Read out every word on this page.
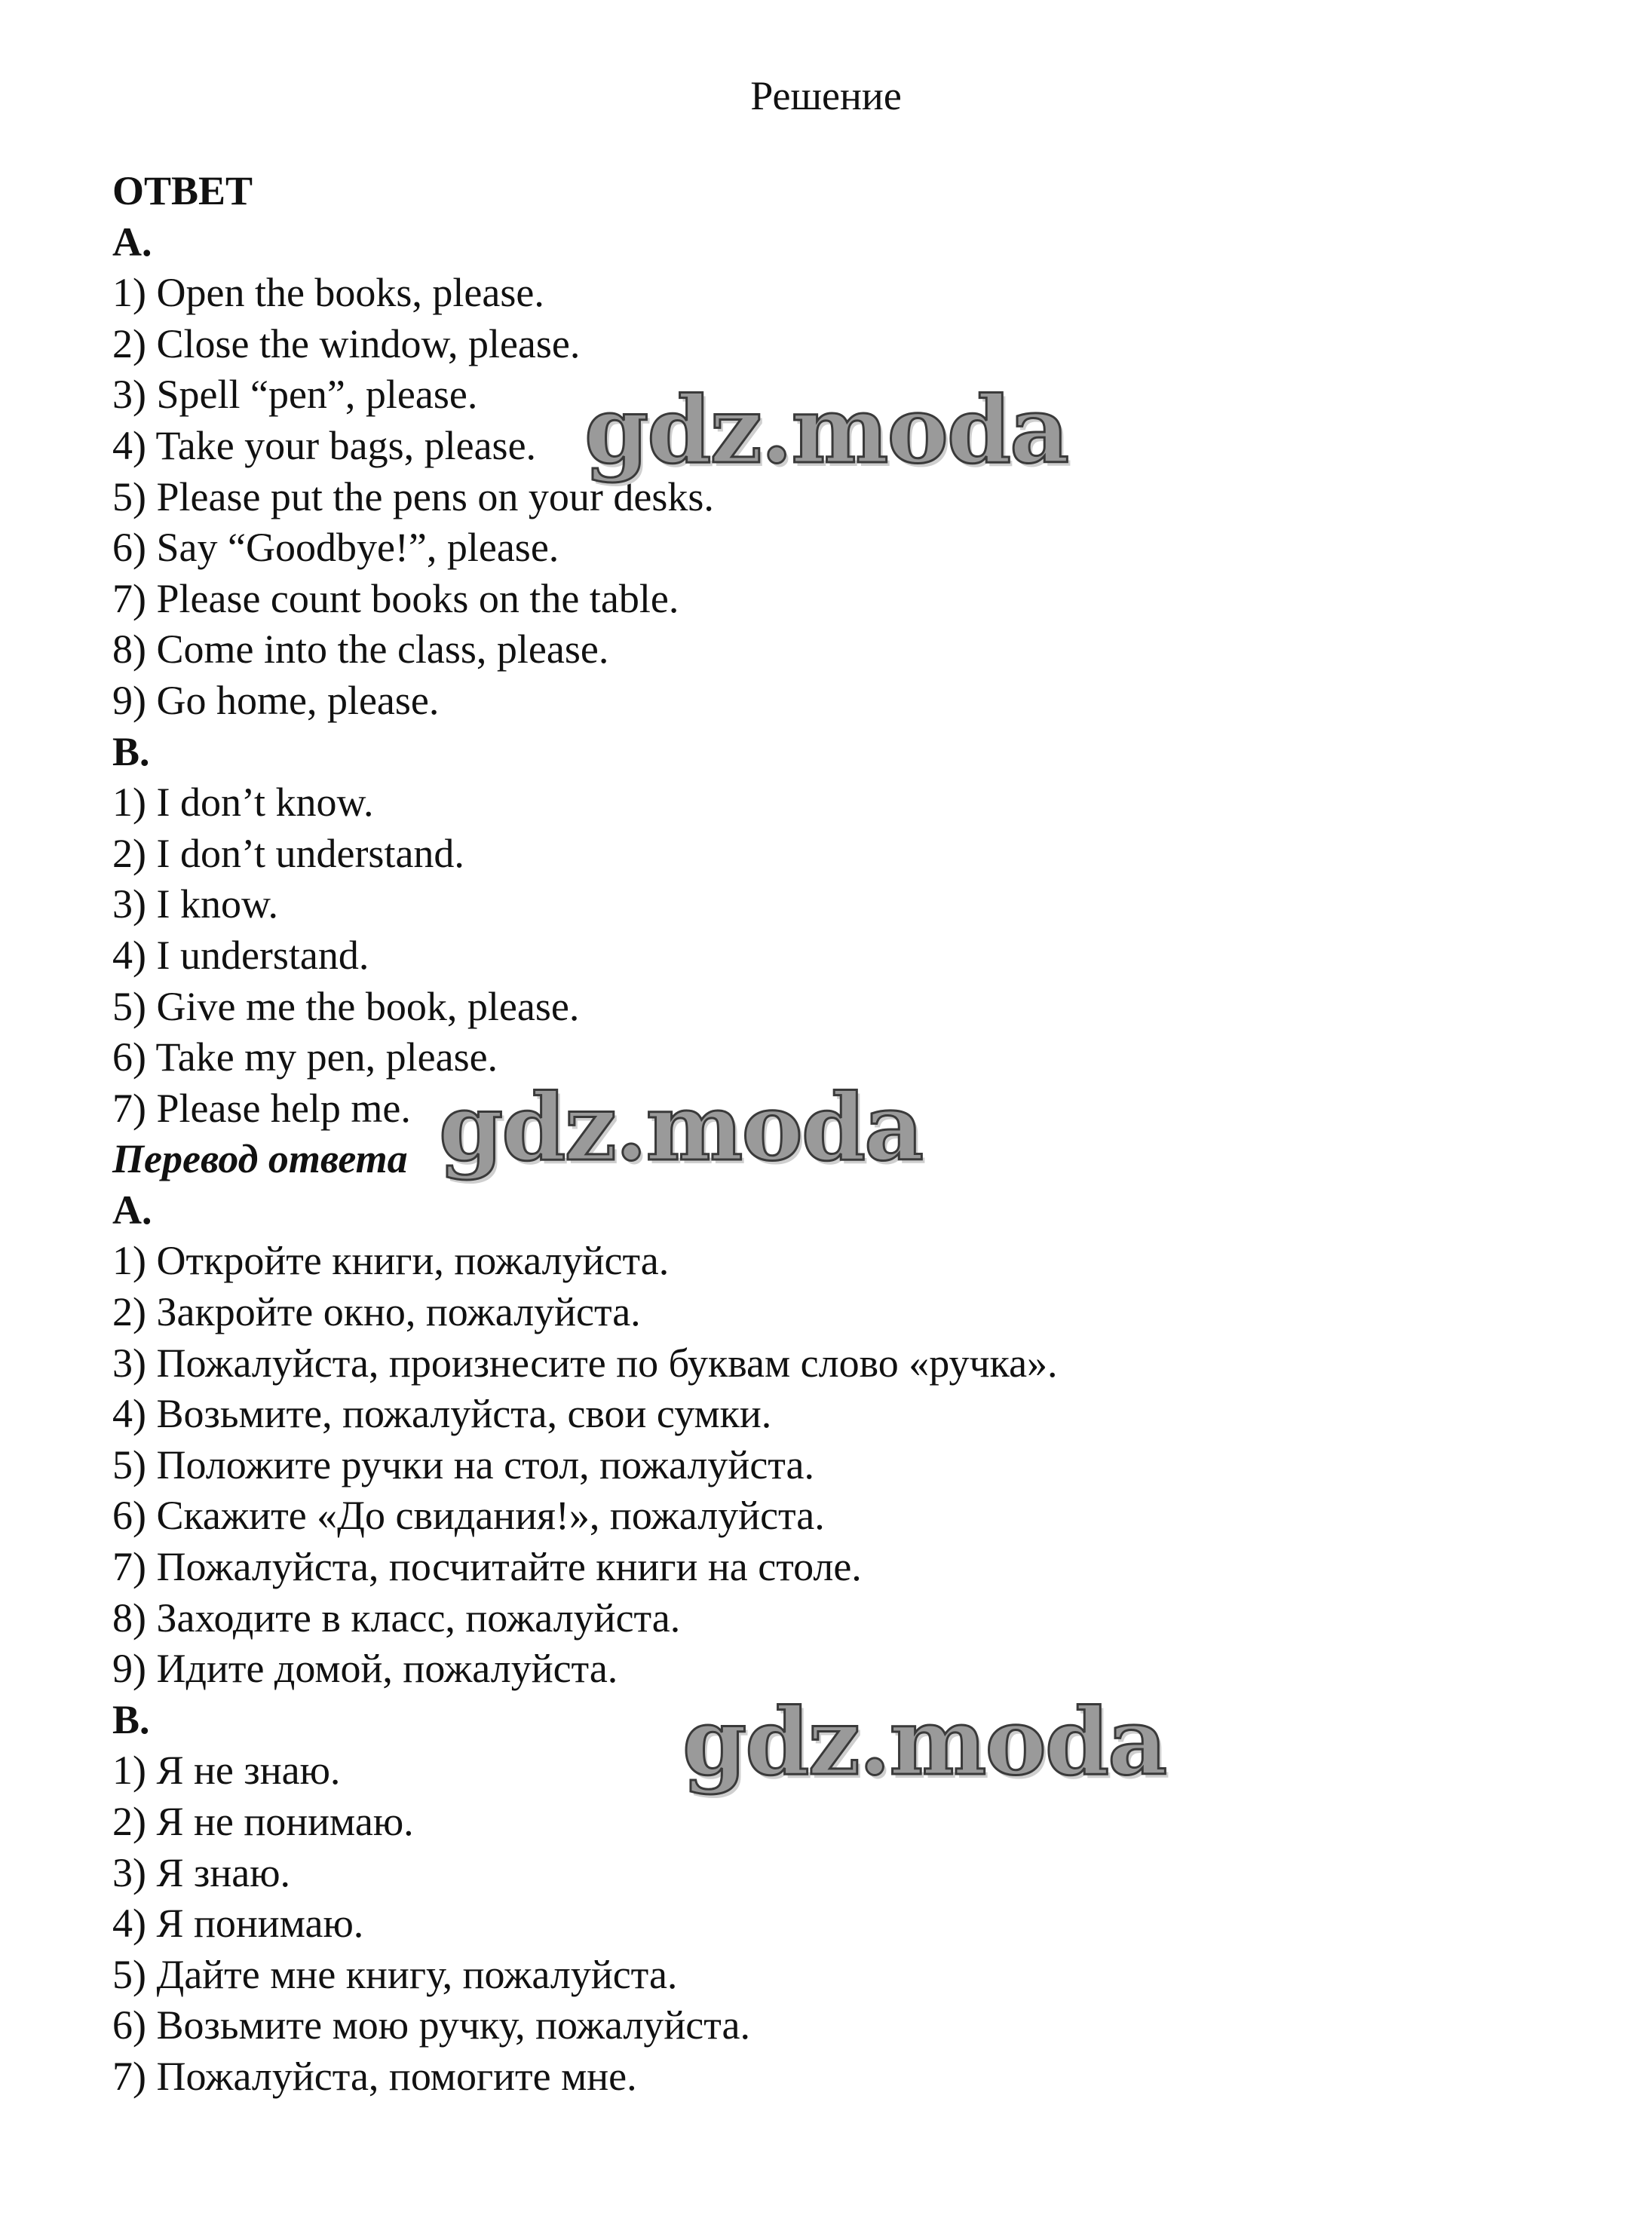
Решение
ОТВЕТ
A.
1) Open the books, please.
2) Close the window, please.
3) Spell “pen”, please.
4) Take your bags, please.
5) Please put the pens on your desks.
6) Say “Goodbye!”, please.
7) Please count books on the table.
8) Come into the class, please.
9) Go home, please.
B.
1) I don’t know.
2) I don’t understand.
3) I know.
4) I understand.
5) Give me the book, please.
6) Take my pen, please.
7) Please help me.
Перевод ответа
A.
1) Откройте книги, пожалуйста.
2) Закройте окно, пожалуйста.
3) Пожалуйста, произнесите по буквам слово «ручка».
4) Возьмите, пожалуйста, свои сумки.
5) Положите ручки на стол, пожалуйста.
6) Скажите «До свидания!», пожалуйста.
7) Пожалуйста, посчитайте книги на столе.
8) Заходите в класс, пожалуйста.
9) Идите домой, пожалуйста.
B.
1) Я не знаю.
2) Я не понимаю.
3) Я знаю.
4) Я понимаю.
5) Дайте мне книгу, пожалуйста.
6) Возьмите мою ручку, пожалуйста.
7) Пожалуйста, помогите мне.
gdz.moda
gdz.moda
gdz.moda
